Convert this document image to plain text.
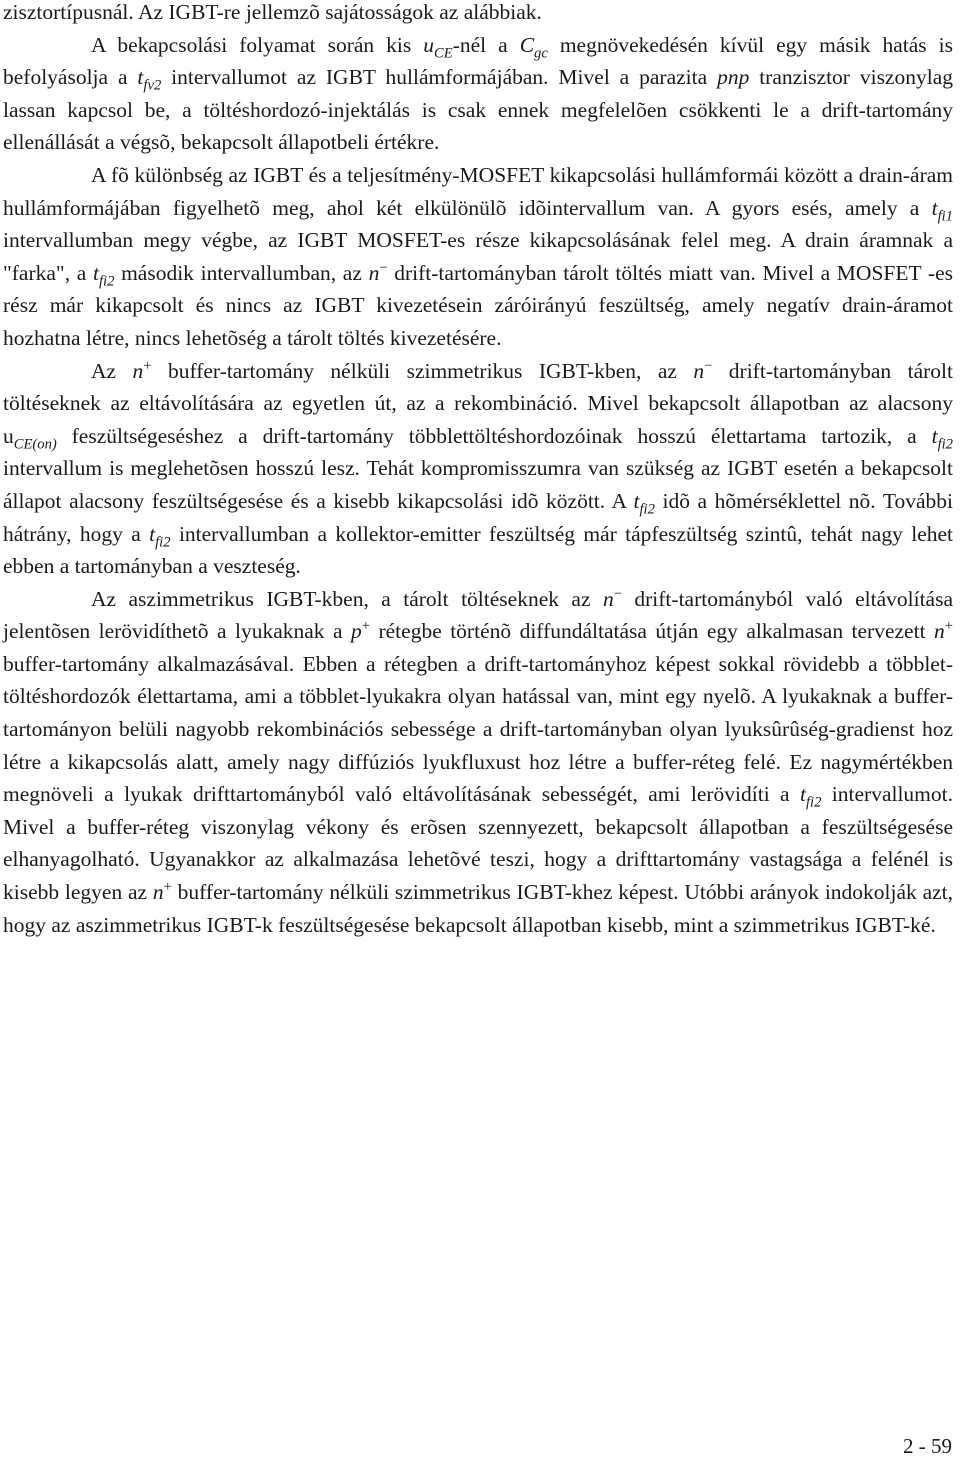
zisztortípusnál. Az IGBT-re jellemzõ sajátosságok az alábbiak.

A bekapcsolási folyamat során kis $u_{CE}$-nél a $C_{gc}$ megnövekedésén kívül egy másik hatás is befolyásolja a $t_{fv2}$ intervallumot az IGBT hullámformájában. Mivel a parazita pnp tranzisztor viszonylag lassan kapcsol be, a töltéshordozó-injektálás is csak ennek megfelelõen csökkenti le a drift-tartomány ellenállását a végsõ, bekapcsolt állapotbeli értékre.

A fõ különbség az IGBT és a teljesítmény-MOSFET kikapcsolási hullámformái között a drain-áram hullámformájában figyelhetõ meg, ahol két elkülönülõ idõintervallum van. A gyors esés, amely a $t_{fi1}$ intervallumban megy végbe, az IGBT MOSFET-es része kikapcsolásának felel meg. A drain áramnak a "farka", a $t_{fi2}$ második intervallumban, az n− drift-tartományban tárolt töltés miatt van. Mivel a MOSFET -es rész már kikapcsolt és nincs az IGBT kivezetésein záróirányú feszültség, amely negatív drain-áramot hozhatna létre, nincs lehetõség a tárolt töltés kivezetésére.

Az n+ buffer-tartomány nélküli szimmetrikus IGBT-kben, az n− drift-tartományban tárolt töltéseknek az eltávolítására az egyetlen út, az a rekombináció. Mivel bekapcsolt állapotban az alacsony $u_{CE(on)}$ feszültségeséshez a drift-tartomány többlettöltéshordozóinak hosszú élettartama tartozik, a $t_{fi2}$ intervallum is meglehetõsen hosszú lesz. Tehát kompromisszumra van szükség az IGBT esetén a bekapcsolt állapot alacsony feszültségesése és a kisebb kikapcsolási idõ között. A $t_{fi2}$ idõ a hõmérséklettel nõ. További hátrány, hogy a $t_{fi2}$ intervallumban a kollektor-emitter feszültség már tápfeszültség szintû, tehát nagy lehet ebben a tartományban a veszteség.

Az aszimmetrikus IGBT-kben, a tárolt töltéseknek az n− drift-tartományból való eltávolítása jelentõsen lerövidíthetõ a lyukaknak a p+ rétegbe történõ diffundáltatása útján egy alkalmasan tervezett n+ buffer-tartomány alkalmazásával. Ebben a rétegben a drift-tartományhoz képest sokkal rövidebb a többlet-töltéshordozók élettartama, ami a többlet-lyukakra olyan hatással van, mint egy nyelõ. A lyukaknak a buffer-tartományon belüli nagyobb rekombinációs sebessége a drift-tartományban olyan lyuksûrûség-gradienst hoz létre a kikapcsolás alatt, amely nagy diffúziós lyukfluxust hoz létre a buffer-réteg felé. Ez nagymértékben megnöveli a lyukak drifttartományból való eltávolításának sebességét, ami lerövidíti a $t_{fi2}$ intervallumot. Mivel a buffer-réteg viszonylag vékony és erõsen szennyezett, bekapcsolt állapotban a feszültségesése elhanyagolható. Ugyanakkor az alkalmazása lehetõvé teszi, hogy a drifttartomány vastagsága a felénél is kisebb legyen az n+ buffer-tartomány nélküli szimmetrikus IGBT-khez képest. Utóbbi arányok indokolják azt, hogy az aszimmetrikus IGBT-k feszültségesése bekapcsolt állapotban kisebb, mint a szimmetrikus IGBT-ké.

2 - 59
